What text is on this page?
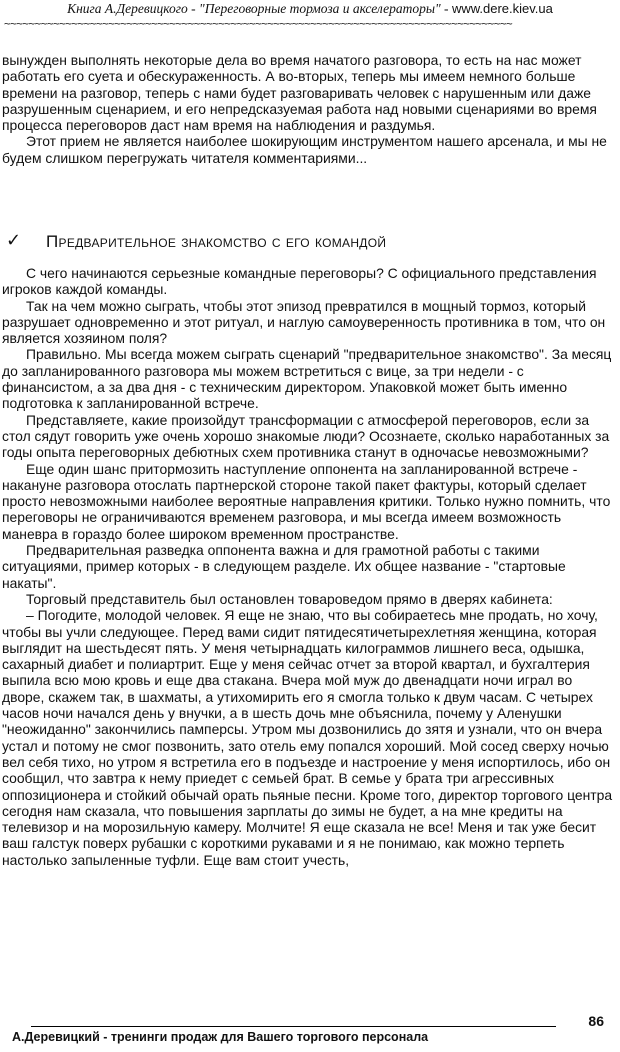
Книга А.Деревицкого - "Переговорные тормоза и акселераторы" - www.dere.kiev.ua
~~~~~~~~~~~~~~~~~~~~~~~~~~~~~~~~~~~~~~~~~~~~~~~~~~~~~~~~~~~~~~~~~~~~~~~~~~~~~~~~~~~

вынужден выполнять некоторые дела во время начатого разговора, то есть на нас может работать его суета и обескураженность. А во-вторых, теперь мы имеем немного больше времени на разговор, теперь с нами будет разговаривать человек с нарушенным или даже разрушенным сценарием, и его непредсказуемая работа над новыми сценариями во время процесса переговоров даст нам время на наблюдения и раздумья.

Этот прием не является наиболее шокирующим инструментом нашего арсенала, и мы не будем слишком перегружать читателя комментариями...

✓ Предварительное знакомство с его командой

С чего начинаются серьезные командные переговоры? С официального представления игроков каждой команды.

Так на чем можно сыграть, чтобы этот эпизод превратился в мощный тормоз, который разрушает одновременно и этот ритуал, и наглую самоуверенность противника в том, что он является хозяином поля?

Правильно. Мы всегда можем сыграть сценарий "предварительное знакомство". За месяц до запланированного разговора мы можем встретиться с вице, за три недели - с финансистом, а за два дня - с техническим директором. Упаковкой может быть именно подготовка к запланированной встрече.

Представляете, какие произойдут трансформации с атмосферой переговоров, если за стол сядут говорить уже очень хорошо знакомые люди? Осознаете, сколько наработанных за годы опыта переговорных дебютных схем противника станут в одночасье невозможными?

Еще один шанс притормозить наступление оппонента на запланированной встрече - накануне разговора отослать партнерской стороне такой пакет фактуры, который сделает просто невозможными наиболее вероятные направления критики. Только нужно помнить, что переговоры не ограничиваются временем разговора, и мы всегда имеем возможность маневра в гораздо более широком временном пространстве.

Предварительная разведка оппонента важна и для грамотной работы с такими ситуациями, пример которых - в следующем разделе. Их общее название - "стартовые накаты".

Торговый представитель был остановлен товароведом прямо в дверях кабинета:

– Погодите, молодой человек. Я еще не знаю, что вы собираетесь мне продать, но хочу, чтобы вы учли следующее. Перед вами сидит пятидесятичетырехлетняя женщина, которая выглядит на шестьдесят пять. У меня четырнадцать килограммов лишнего веса, одышка, сахарный диабет и полиартрит. Еще у меня сейчас отчет за второй квартал, и бухгалтерия выпила всю мою кровь и еще два стакана. Вчера мой муж до двенадцати ночи играл во дворе, скажем так, в шахматы, а утихомирить его я смогла только к двум часам. С четырех часов ночи начался день у внучки, а в шесть дочь мне объяснила, почему у Аленушки "неожиданно" закончились памперсы. Утром мы дозвонились до зятя и узнали, что он вчера устал и потому не смог позвонить, зато отель ему попался хороший. Мой сосед сверху ночью вел себя тихо, но утром я встретила его в подъезде и настроение у меня испортилось, ибо он сообщил, что завтра к нему приедет с семьей брат. В семье у брата три агрессивных оппозиционера и стойкий обычай орать пьяные песни. Кроме того, директор торгового центра сегодня нам сказала, что повышения зарплаты до зимы не будет, а на мне кредиты на телевизор и на морозильную камеру. Молчите! Я еще сказала не все! Меня и так уже бесит ваш галстук поверх рубашки с короткими рукавами и я не понимаю, как можно терпеть настолько запыленные туфли. Еще вам стоит учесть,

86
А.Деревицкий - тренинги продаж для Вашего торгового персонала
